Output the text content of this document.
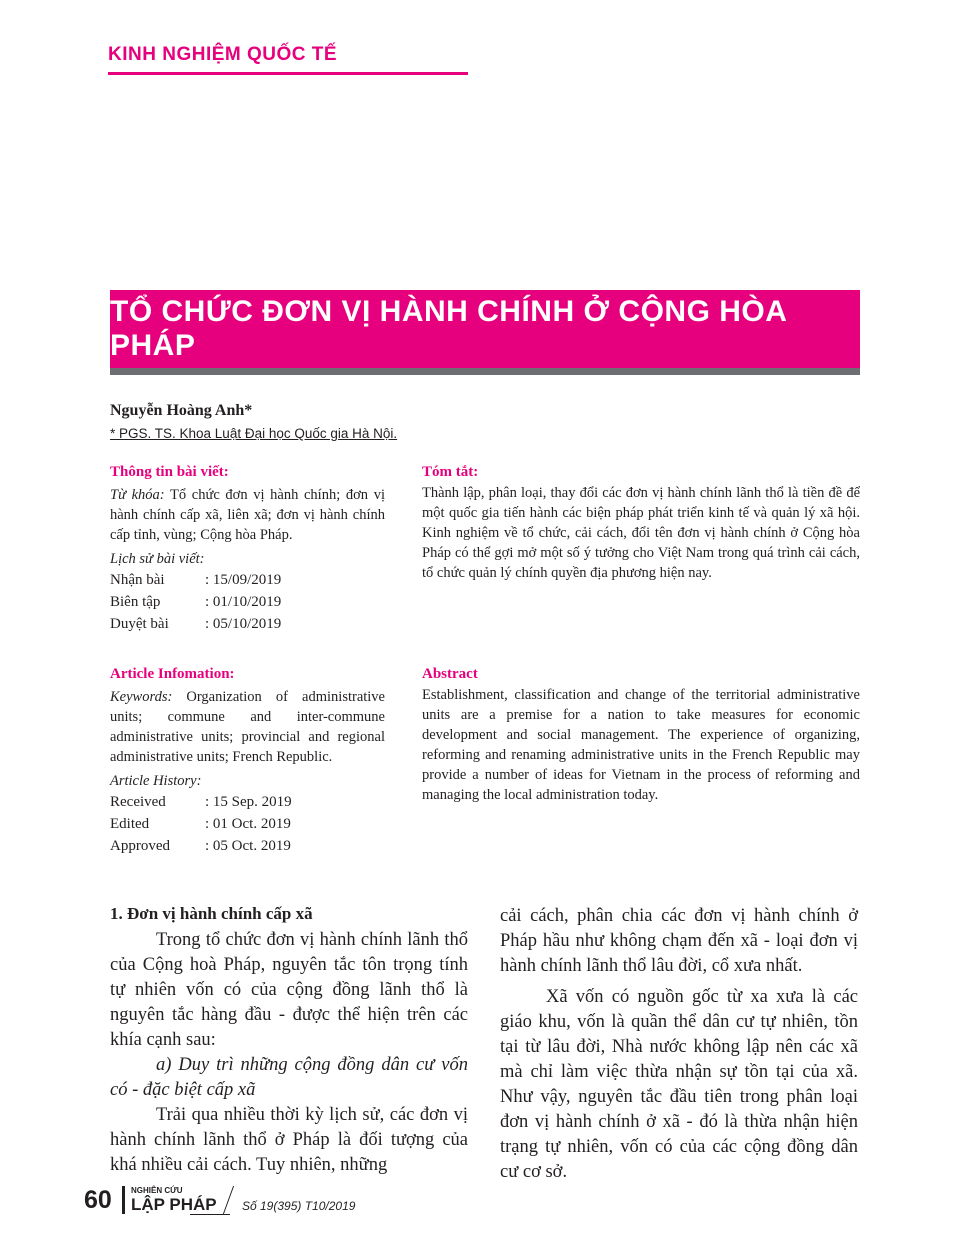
KINH NGHIỆM QUỐC TẾ
TỔ CHỨC ĐƠN VỊ HÀNH CHÍNH Ở CỘNG HÒA PHÁP
Nguyễn Hoàng Anh*
* PGS. TS. Khoa Luật Đại học Quốc gia Hà Nội.
Thông tin bài viết:
Từ khóa: Tổ chức đơn vị hành chính; đơn vị hành chính cấp xã, liên xã; đơn vị hành chính cấp tỉnh, vùng; Cộng hòa Pháp.
Lịch sử bài viết:
Nhận bài	: 15/09/2019
Biên tập	: 01/10/2019
Duyệt bài	: 05/10/2019
Tóm tắt:
Thành lập, phân loại, thay đổi các đơn vị hành chính lãnh thổ là tiền đề để một quốc gia tiến hành các biện pháp phát triển kinh tế và quản lý xã hội. Kinh nghiệm về tổ chức, cải cách, đổi tên đơn vị hành chính ở Cộng hòa Pháp có thể gợi mở một số ý tưởng cho Việt Nam trong quá trình cải cách, tổ chức quản lý chính quyền địa phương hiện nay.
Article Infomation:
Keywords: Organization of administrative units; commune and inter-commune administrative units; provincial and regional administrative units; French Republic.
Article History:
Received	: 15 Sep. 2019
Edited	: 01 Oct. 2019
Approved	: 05 Oct. 2019
Abstract
Establishment, classification and change of the territorial administrative units are a premise for a nation to take measures for economic development and social management. The experience of organizing, reforming and renaming administrative units in the French Republic may provide a number of ideas for Vietnam in the process of reforming and managing the local administration today.
1. Đơn vị hành chính cấp xã
Trong tổ chức đơn vị hành chính lãnh thổ của Cộng hoà Pháp, nguyên tắc tôn trọng tính tự nhiên vốn có của cộng đồng lãnh thổ là nguyên tắc hàng đầu - được thể hiện trên các khía cạnh sau:
a) Duy trì những cộng đồng dân cư vốn có - đặc biệt cấp xã
Trải qua nhiều thời kỳ lịch sử, các đơn vị hành chính lãnh thổ ở Pháp là đối tượng của khá nhiều cải cách. Tuy nhiên, những
cải cách, phân chia các đơn vị hành chính ở Pháp hầu như không chạm đến xã - loại đơn vị hành chính lãnh thổ lâu đời, cổ xưa nhất.
Xã vốn có nguồn gốc từ xa xưa là các giáo khu, vốn là quần thể dân cư tự nhiên, tồn tại từ lâu đời, Nhà nước không lập nên các xã mà chỉ làm việc thừa nhận sự tồn tại của xã. Như vậy, nguyên tắc đầu tiên trong phân loại đơn vị hành chính ở xã - đó là thừa nhận hiện trạng tự nhiên, vốn có của các cộng đồng dân cư cơ sở.
60 NGHIÊN CỨU
LẬP PHÁP Số 19(395) T10/2019
